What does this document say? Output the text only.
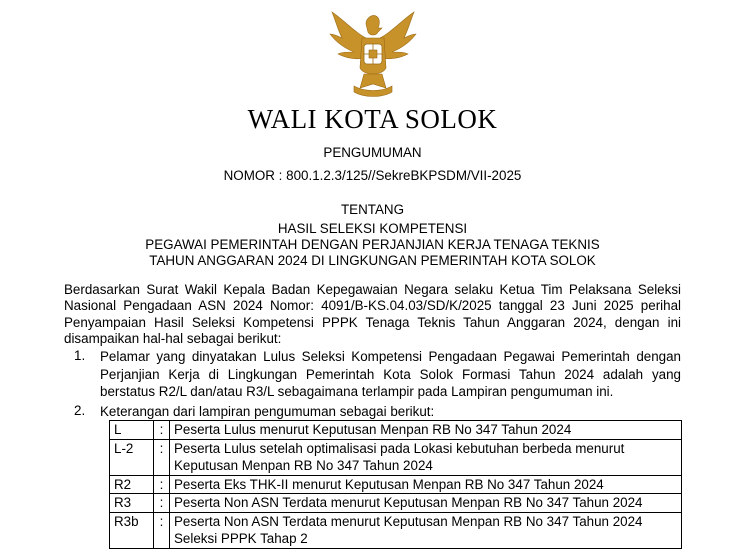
WALI KOTA SOLOK
PENGUMUMAN
NOMOR : 800.1.2.3/125//SekreBKPSDM/VII-2025
TENTANG
HASIL SELEKSI KOMPETENSI
PEGAWAI PEMERINTAH DENGAN PERJANJIAN KERJA TENAGA TEKNIS
TAHUN ANGGARAN 2024 DI LINGKUNGAN PEMERINTAH KOTA SOLOK
Berdasarkan Surat Wakil Kepala Badan Kepegawaian Negara selaku Ketua Tim Pelaksana Seleksi Nasional Pengadaan ASN 2024 Nomor: 4091/B-KS.04.03/SD/K/2025 tanggal 23 Juni 2025 perihal Penyampaian Hasil Seleksi Kompetensi PPPK Tenaga Teknis Tahun Anggaran 2024, dengan ini disampaikan hal-hal sebagai berikut:
1. Pelamar yang dinyatakan Lulus Seleksi Kompetensi Pengadaan Pegawai Pemerintah dengan Perjanjian Kerja di Lingkungan Pemerintah Kota Solok Formasi Tahun 2024 adalah yang berstatus R2/L dan/atau R3/L sebagaimana terlampir pada Lampiran pengumuman ini.
2. Keterangan dari lampiran pengumuman sebagai berikut:
L	:	Peserta Lulus menurut Keputusan Menpan RB No 347 Tahun 2024
L-2	:	Peserta Lulus setelah optimalisasi pada Lokasi kebutuhan berbeda menurut Keputusan Menpan RB No 347 Tahun 2024
R2	:	Peserta Eks THK-II menurut Keputusan Menpan RB No 347 Tahun 2024
R3	:	Peserta Non ASN Terdata menurut Keputusan Menpan RB No 347 Tahun 2024
R3b	:	Peserta Non ASN Terdata menurut Keputusan Menpan RB No 347 Tahun 2024 Seleksi PPPK Tahap 2
